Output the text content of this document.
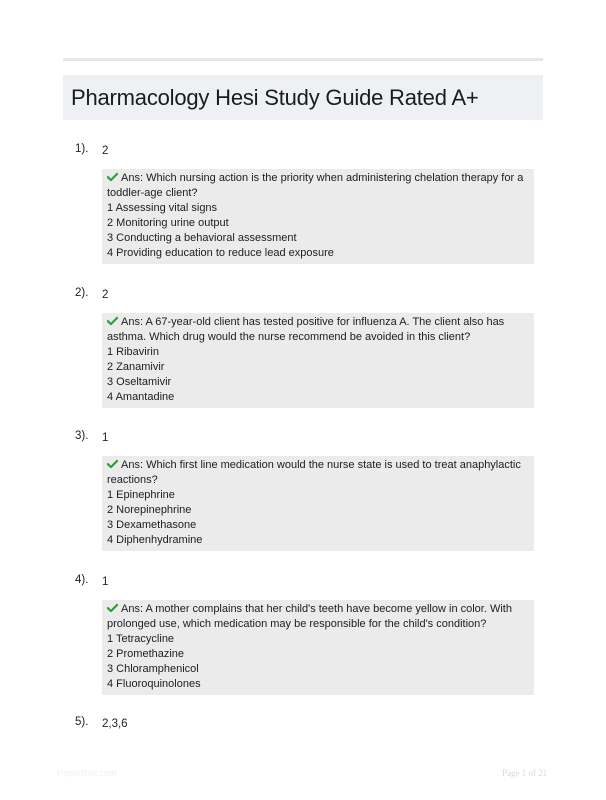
Pharmacology Hesi Study Guide Rated A+
1). 2
Ans: Which nursing action is the priority when administering chelation therapy for a
toddler-age client?
1 Assessing vital signs
2 Monitoring urine output
3 Conducting a behavioral assessment
4 Providing education to reduce lead exposure
2). 2
Ans: A 67-year-old client has tested positive for influenza A. The client also has
asthma. Which drug would the nurse recommend be avoided in this client?
1 Ribavirin
2 Zanamivir
3 Oseltamivir
4 Amantadine
3). 1
Ans: Which first line medication would the nurse state is used to treat anaphylactic
reactions?
1 Epinephrine
2 Norepinephrine
3 Dexamethasone
4 Diphenhydramine
4). 1
Ans: A mother complains that her child's teeth have become yellow in color. With
prolonged use, which medication may be responsible for the child's condition?
1 Tetracycline
2 Promethazine
3 Chloramphenicol
4 Fluoroquinolones
5). 2,3,6
Paperlibid.com	Page 1 of 21
